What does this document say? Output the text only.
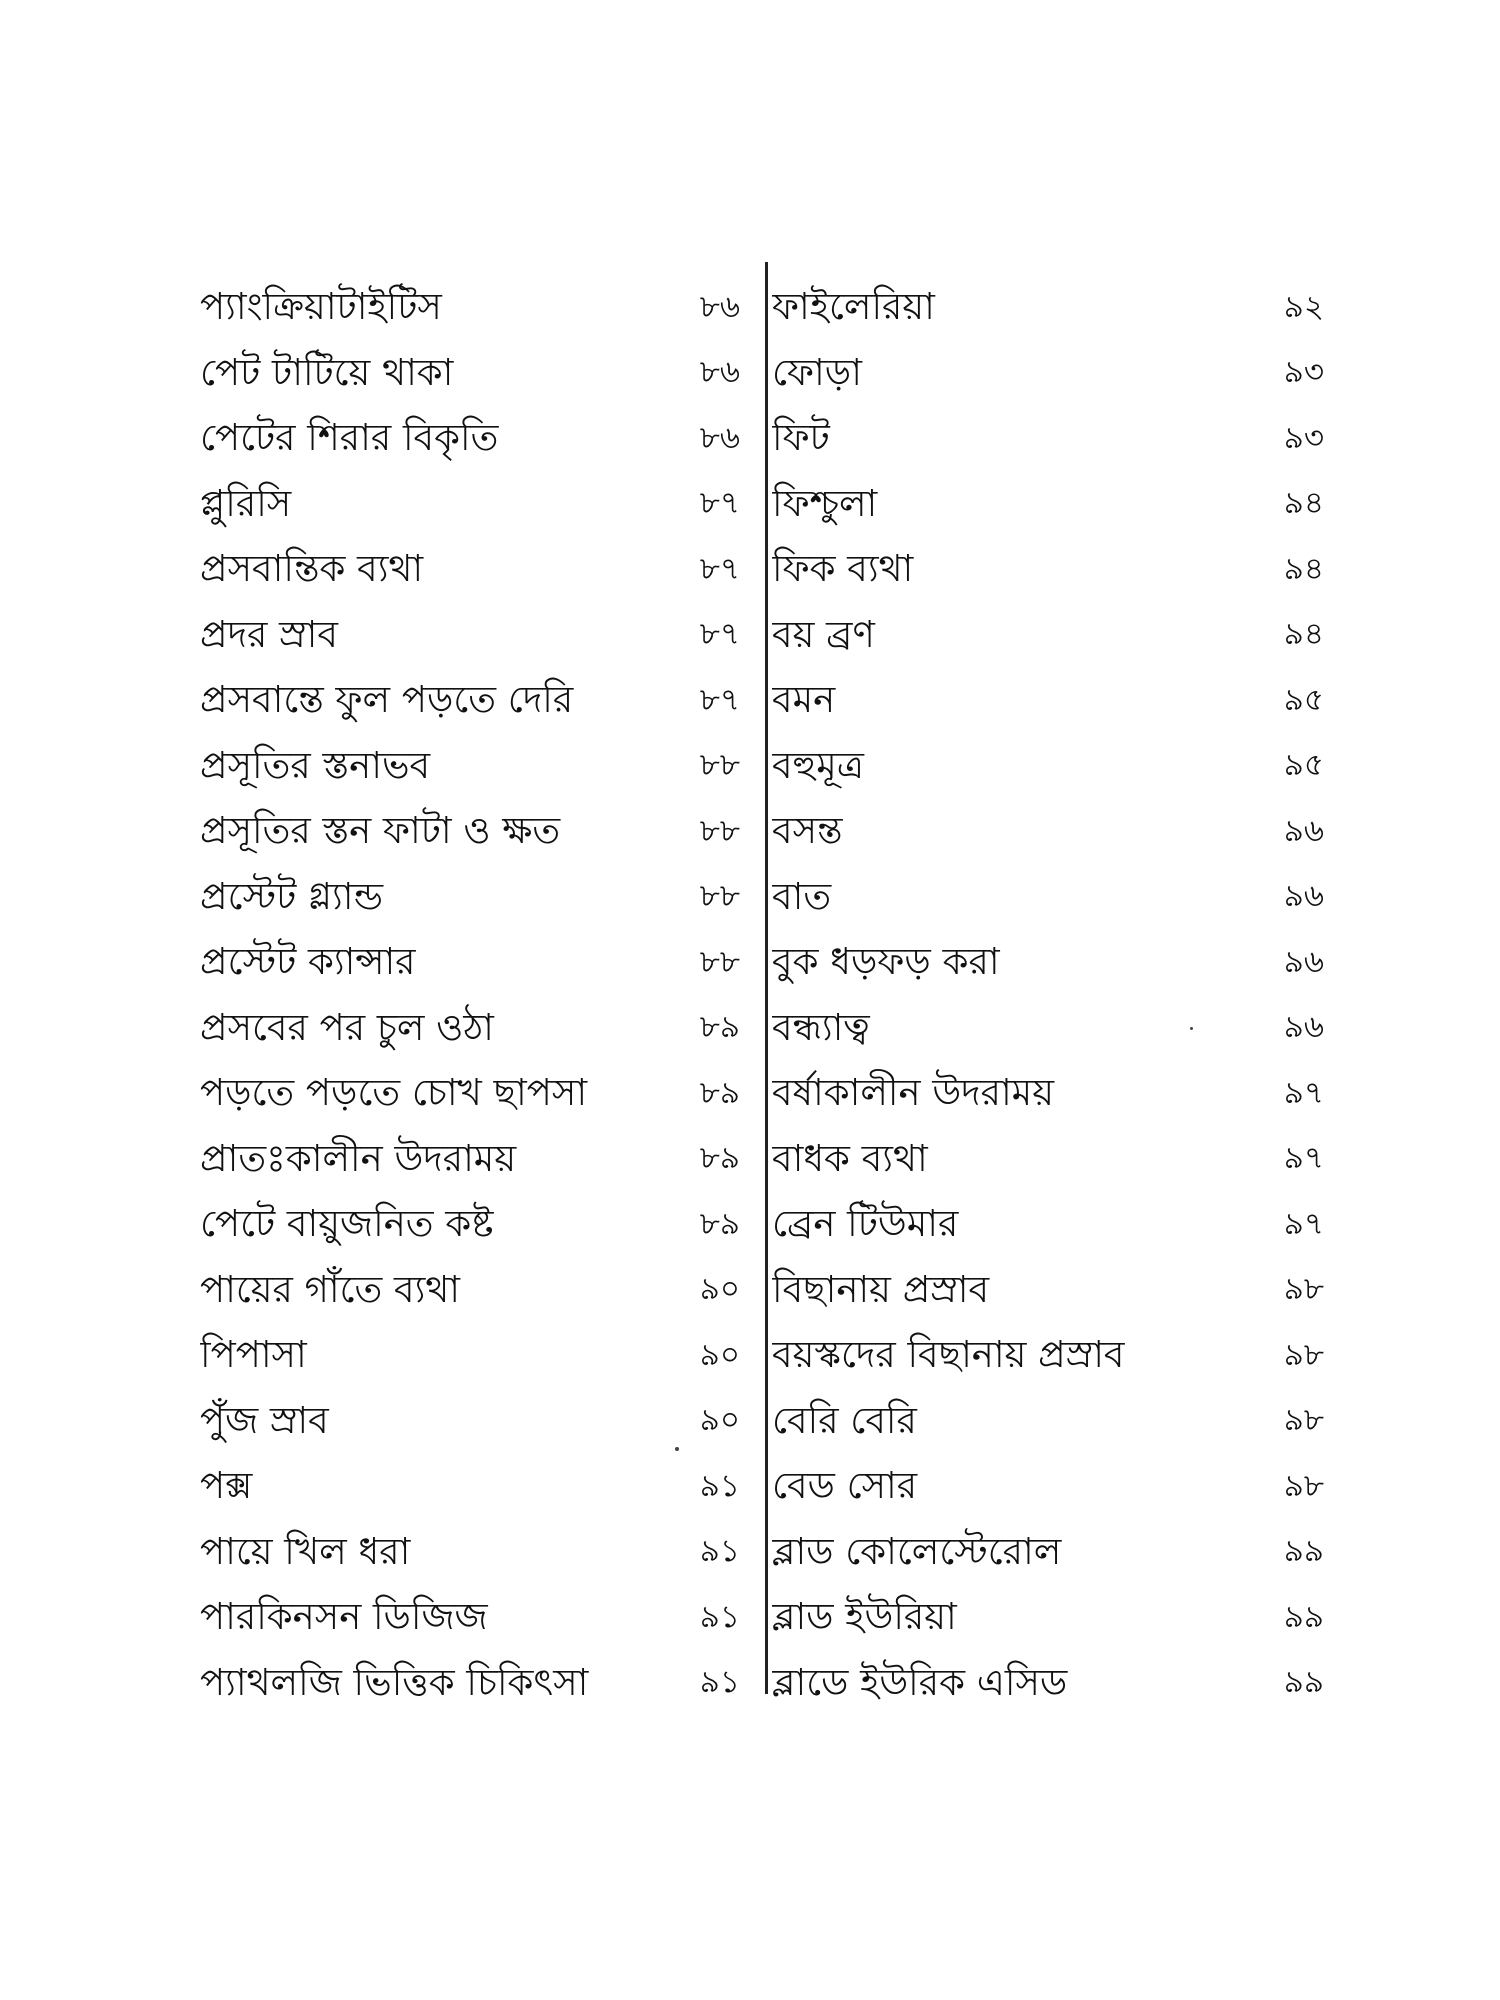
প্যাংক্রিয়াটাইটিস	৮৬
পেট টাটিয়ে থাকা	৮৬
পেটের শিরার বিকৃতি	৮৬
প্লুরিসি	৮৭
প্রসবান্তিক ব্যথা	৮৭
প্রদর স্রাব	৮৭
প্রসবান্তে ফুল পড়তে দেরি	৮৭
প্রসূতির স্তনাভব	৮৮
প্রসূতির স্তন ফাটা ও ক্ষত	৮৮
প্রস্টেট গ্ল্যান্ড	৮৮
প্রস্টেট ক্যান্সার	৮৮
প্রসবের পর চুল ওঠা	৮৯
পড়তে পড়তে চোখ ছাপসা	৮৯
প্রাতঃকালীন উদরাময়	৮৯
পেটে বায়ুজনিত কষ্ট	৮৯
পায়ের গাঁতে ব্যথা	৯০
পিপাসা	৯০
পুঁজ স্রাব	৯০
পক্স	৯১
পায়ে খিল ধরা	৯১
পারকিনসন ডিজিজ	৯১
প্যাথলজি ভিত্তিক চিকিৎসা	৯১
ফাইলেরিয়া	৯২
ফোড়া	৯৩
ফিট	৯৩
ফিশ্চুলা	৯৪
ফিক ব্যথা	৯৪
বয় ব্রণ	৯৪
বমন	৯৫
বহুমূত্র	৯৫
বসন্ত	৯৬
বাত	৯৬
বুক ধড়ফড় করা	৯৬
বন্ধ্যাত্ব	৯৬
বর্ষাকালীন উদরাময়	৯৭
বাধক ব্যথা	৯৭
ব্রেন টিউমার	৯৭
বিছানায় প্রস্রাব	৯৮
বয়স্কদের বিছানায় প্রস্রাব	৯৮
বেরি বেরি	৯৮
বেড সোর	৯৮
ব্লাড কোলেস্টেরোল	৯৯
ব্লাড ইউরিয়া	৯৯
ব্লাডে ইউরিক এসিড	৯৯
